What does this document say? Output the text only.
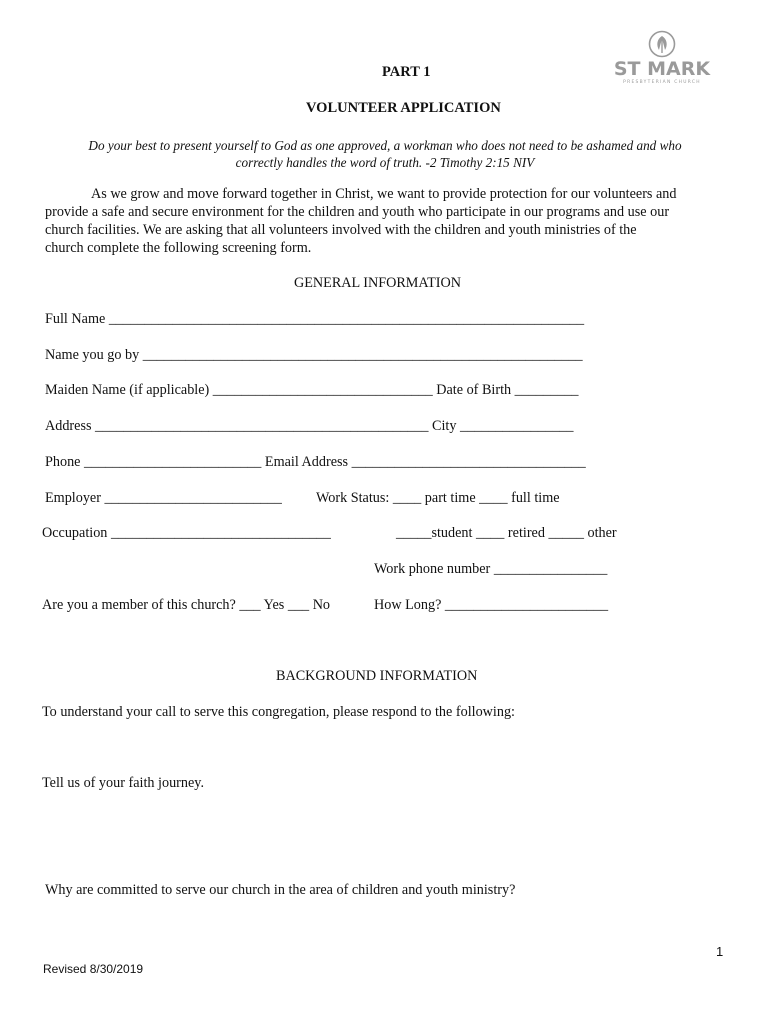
ST MARK
PRESBYTERIAN CHURCH
PART 1
VOLUNTEER APPLICATION
Do your best to present yourself to God as one approved, a workman who does not need to be ashamed and who
correctly handles the word of truth. -2 Timothy 2:15 NIV
As we grow and move forward together in Christ, we want to provide protection for our volunteers and
provide a safe and secure environment for the children and youth who participate in our programs and use our
church facilities. We are asking that all volunteers involved with the children and youth ministries of the
church complete the following screening form.
GENERAL INFORMATION
Full Name ___________________________________________________________________
Name you go by ______________________________________________________________
Maiden Name (if applicable) _______________________________ Date of Birth _________
Address _______________________________________________ City ________________
Phone _________________________ Email Address _________________________________
Employer _________________________ Work Status: ____ part time ____ full time
Occupation _______________________________	_____student ____ retired _____ other
Work phone number ________________
Are you a member of this church? ___ Yes ___ No	How Long? _______________________
BACKGROUND INFORMATION
To understand your call to serve this congregation, please respond to the following:
Tell us of your faith journey.
Why are committed to serve our church in the area of children and youth ministry?
1
Revised 8/30/2019
